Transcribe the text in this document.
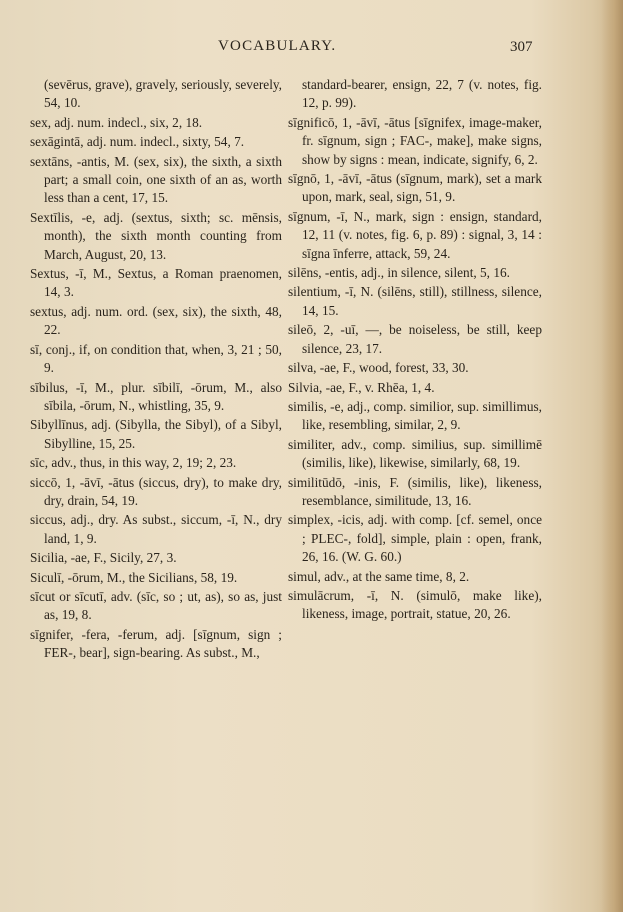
VOCABULARY.	307
(sevērus, grave), gravely, seriously, severely, 54, 10.
sex, adj. num. indecl., six, 2, 18.
sexāgintā, adj. num. indecl., sixty, 54, 7.
sextāns, -antis, M. (sex, six), the sixth, a sixth part; a small coin, one sixth of an as, worth less than a cent, 17, 15.
Sextīlis, -e, adj. (sextus, sixth; sc. mēnsis, month), the sixth month counting from March, August, 20, 13.
Sextus, -ī, M., Sextus, a Roman praenomen, 14, 3.
sextus, adj. num. ord. (sex, six), the sixth, 48, 22.
sī, conj., if, on condition that, when, 3, 21 ; 50, 9.
sībilus, -ī, M., plur. sībilī, -ōrum, M., also sībila, -ōrum, N., whistling, 35, 9.
Sibyllīnus, adj. (Sibylla, the Sibyl), of a Sibyl, Sibylline, 15, 25.
sīc, adv., thus, in this way, 2, 19; 2, 23.
siccō, 1, -āvī, -ātus (siccus, dry), to make dry, dry, drain, 54, 19.
siccus, adj., dry. As subst., siccum, -ī, N., dry land, 1, 9.
Sicilia, -ae, F., Sicily, 27, 3.
Siculī, -ōrum, M., the Sicilians, 58, 19.
sīcut or sīcutī, adv. (sīc, so ; ut, as), so as, just as, 19, 8.
sīgnifer, -fera, -ferum, adj. [sīgnum, sign ; FER-, bear], sign-bearing. As subst., M.,
standard-bearer, ensign, 22, 7 (v. notes, fig. 12, p. 99).
sīgnificō, 1, -āvī, -ātus [sīgnifex, image-maker, fr. sīgnum, sign ; FAC-, make], make signs, show by signs : mean, indicate, signify, 6, 2.
sīgnō, 1, -āvī, -ātus (sīgnum, mark), set a mark upon, mark, seal, sign, 51, 9.
sīgnum, -ī, N., mark, sign : ensign, standard, 12, 11 (v. notes, fig. 6, p. 89) : signal, 3, 14 : sīgna īnferre, attack, 59, 24.
silēns, -entis, adj., in silence, silent, 5, 16.
silentium, -ī, N. (silēns, still), stillness, silence, 14, 15.
sileō, 2, -uī, —, be noiseless, be still, keep silence, 23, 17.
silva, -ae, F., wood, forest, 33, 30.
Silvia, -ae, F., v. Rhēa, 1, 4.
similis, -e, adj., comp. similior, sup. simillimus, like, resembling, similar, 2, 9.
similiter, adv., comp. similius, sup. simillimē (similis, like), likewise, similarly, 68, 19.
similitūdō, -inis, F. (similis, like), likeness, resemblance, similitude, 13, 16.
simplex, -icis, adj. with comp. [cf. semel, once ; PLEC-, fold], simple, plain : open, frank, 26, 16. (W. G. 60.)
simul, adv., at the same time, 8, 2.
simulācrum, -ī, N. (simulō, make like), likeness, image, portrait, statue, 20, 26.
